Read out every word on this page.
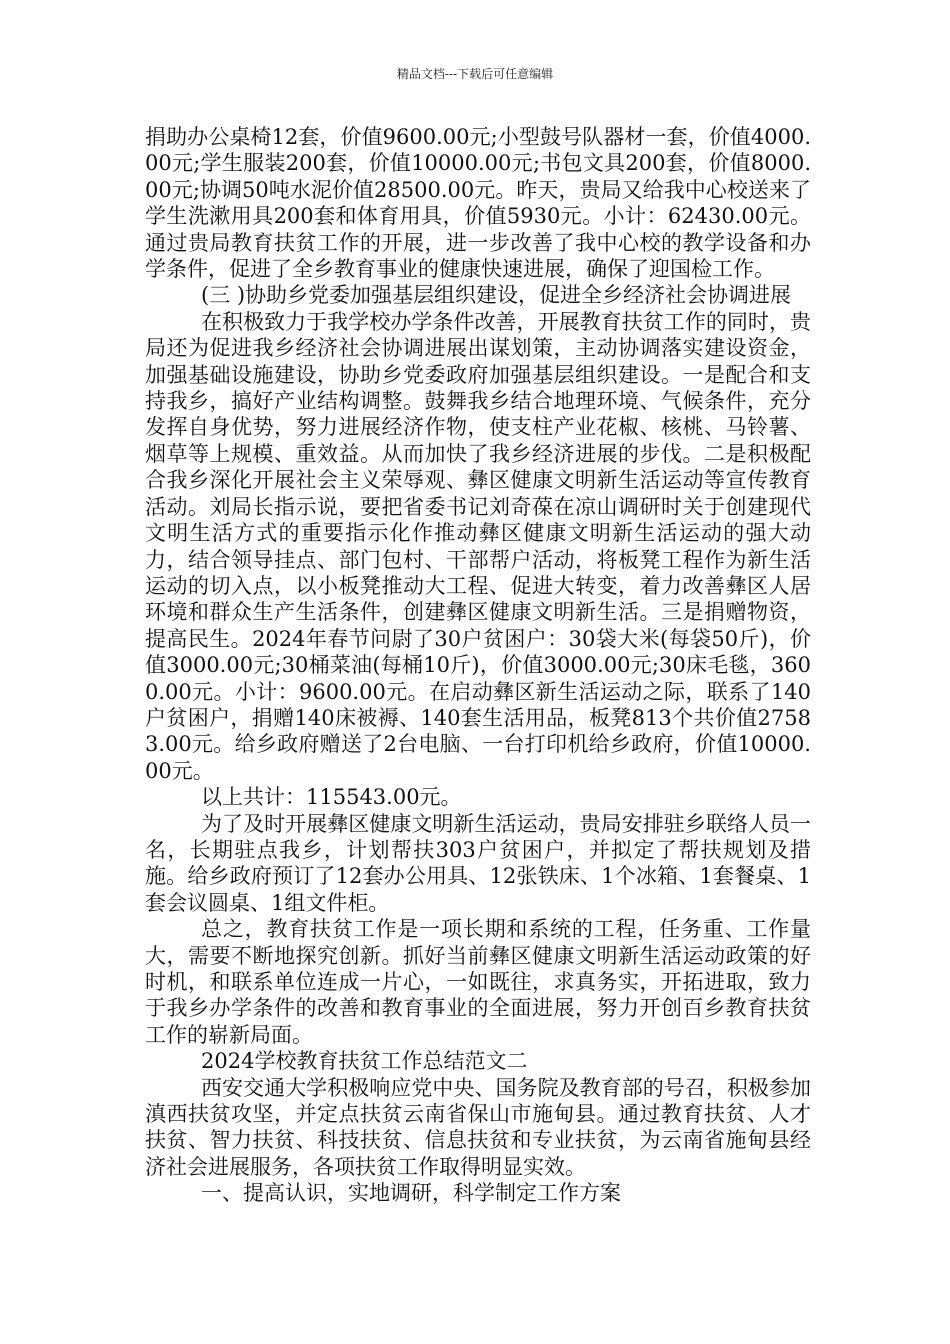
精品文档---下载后可任意编辑

捐助办公桌椅12套，价值9600.00元;小型鼓号队器材一套，价值4000.00元;学生服装200套，价值10000.00元;书包文具200套，价值8000.00元;协调50吨水泥价值28500.00元。昨天，贵局又给我中心校送来了学生洗漱用具200套和体育用具，价值5930元。小计：62430.00元。通过贵局教育扶贫工作的开展，进一步改善了我中心校的教学设备和办学条件，促进了全乡教育事业的健康快速进展，确保了迎国检工作。

(三 )协助乡党委加强基层组织建设，促进全乡经济社会协调进展

在积极致力于我学校办学条件改善，开展教育扶贫工作的同时，贵局还为促进我乡经济社会协调进展出谋划策，主动协调落实建设资金，加强基础设施建设，协助乡党委政府加强基层组织建设。一是配合和支持我乡，搞好产业结构调整。鼓舞我乡结合地理环境、气候条件，充分发挥自身优势，努力进展经济作物，使支柱产业花椒、核桃、马铃薯、烟草等上规模、重效益。从而加快了我乡经济进展的步伐。二是积极配合我乡深化开展社会主义荣辱观、彝区健康文明新生活运动等宣传教育活动。刘局长指示说，要把省委书记刘奇葆在凉山调研时关于创建现代文明生活方式的重要指示化作推动彝区健康文明新生活运动的强大动力，结合领导挂点、部门包村、干部帮户活动，将板凳工程作为新生活运动的切入点，以小板凳推动大工程、促进大转变，着力改善彝区人居环境和群众生产生活条件，创建彝区健康文明新生活。三是捐赠物资，提高民生。2024年春节问尉了30户贫困户：30袋大米(每袋50斤)，价值3000.00元;30桶菜油(每桶10斤)，价值3000.00元;30床毛毯，3600.00元。小计：9600.00元。在启动彝区新生活运动之际，联系了140户贫困户，捐赠140床被褥、140套生活用品，板凳813个共价值27583.00元。给乡政府赠送了2台电脑、一台打印机给乡政府，价值10000.00元。

以上共计：115543.00元。

为了及时开展彝区健康文明新生活运动，贵局安排驻乡联络人员一名，长期驻点我乡，计划帮扶303户贫困户，并拟定了帮扶规划及措施。给乡政府预订了12套办公用具、12张铁床、1个冰箱、1套餐桌、1套会议圆桌、1组文件柜。

总之，教育扶贫工作是一项长期和系统的工程，任务重、工作量大，需要不断地探究创新。抓好当前彝区健康文明新生活运动政策的好时机，和联系单位连成一片心，一如既往，求真务实，开拓进取，致力于我乡办学条件的改善和教育事业的全面进展，努力开创百乡教育扶贫工作的崭新局面。

2024学校教育扶贫工作总结范文二

西安交通大学积极响应党中央、国务院及教育部的号召，积极参加滇西扶贫攻坚，并定点扶贫云南省保山市施甸县。通过教育扶贫、人才扶贫、智力扶贫、科技扶贫、信息扶贫和专业扶贫，为云南省施甸县经济社会进展服务，各项扶贫工作取得明显实效。

一、提高认识，实地调研，科学制定工作方案
